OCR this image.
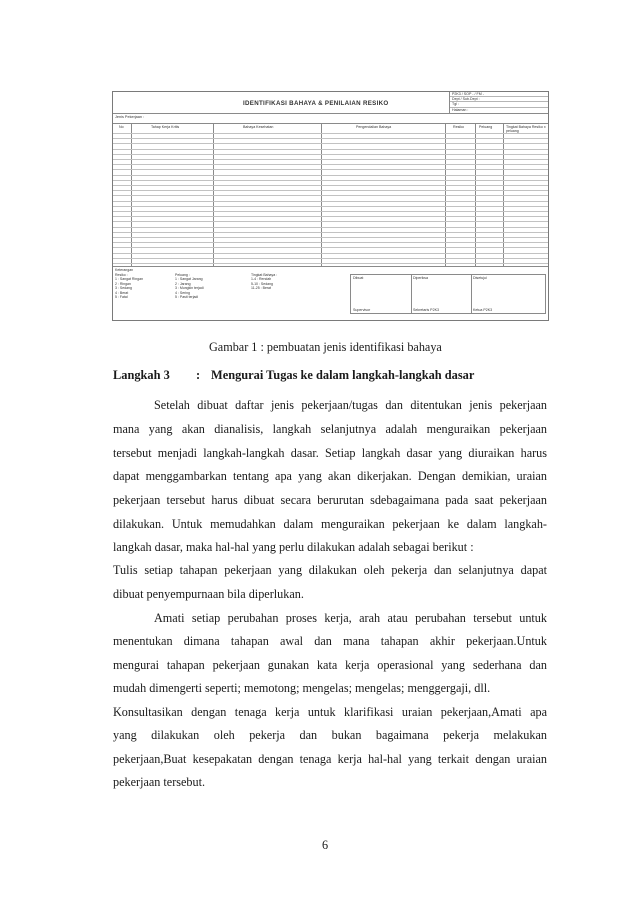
IDENTIFIKASI BAHAYA & PENILAIAN RESIKO
P2K3 / SOP - / FM -
Dept / Sub.Dept :
Tgl :
Halaman :
Jenis Pekerjaan :
No	Tahap Kerja Kritis	Bahaya Kesehatan	Pengendalian Bahaya	Resiko	Peluang	Tingkat Bahaya Resiko x peluang
Keterangan
Resiko :
1 : Sangat Ringan
2 : Ringan
3 : Sedang
4 : Berat
5 : Fatal
Peluang :
1 : Sangat Jarang
2 : Jarang
3 : Mungkin terjadi
4 : Sering
5 : Pasti terjadi
Tingkat Bahaya :
1-4 : Rendah
5-10 : Sedang
11-25 : Berat
Dibuat	Diperiksa	Disetujui
Supervisor	Sekretaris P2K3	Ketua P2K3
Gambar 1 : pembuatan jenis identifikasi bahaya
Langkah 3 : Mengurai Tugas ke dalam langkah-langkah dasar
Setelah dibuat daftar jenis pekerjaan/tugas dan ditentukan jenis pekerjaan
mana yang akan dianalisis, langkah selanjutnya adalah menguraikan pekerjaan
tersebut menjadi langkah-langkah dasar. Setiap langkah dasar yang diuraikan harus
dapat menggambarkan tentang apa yang akan dikerjakan. Dengan demikian, uraian
pekerjaan tersebut harus dibuat secara berurutan sdebagaimana pada saat pekerjaan
dilakukan. Untuk memudahkan dalam menguraikan pekerjaan ke dalam langkah-
langkah dasar, maka hal-hal yang perlu dilakukan adalah sebagai berikut :
Tulis setiap tahapan pekerjaan yang dilakukan oleh pekerja dan selanjutnya dapat
dibuat penyempurnaan bila diperlukan.
Amati setiap perubahan proses kerja, arah atau perubahan tersebut untuk
menentukan dimana tahapan awal dan mana tahapan akhir pekerjaan.Untuk
mengurai tahapan pekerjaan gunakan kata kerja operasional yang sederhana dan
mudah dimengerti seperti; memotong; mengelas; mengelas; menggergaji, dll.
Konsultasikan dengan tenaga kerja untuk klarifikasi uraian pekerjaan,Amati apa
yang dilakukan oleh pekerja dan bukan bagaimana pekerja melakukan
pekerjaan,Buat kesepakatan dengan tenaga kerja hal-hal yang terkait dengan uraian
pekerjaan tersebut.
6
